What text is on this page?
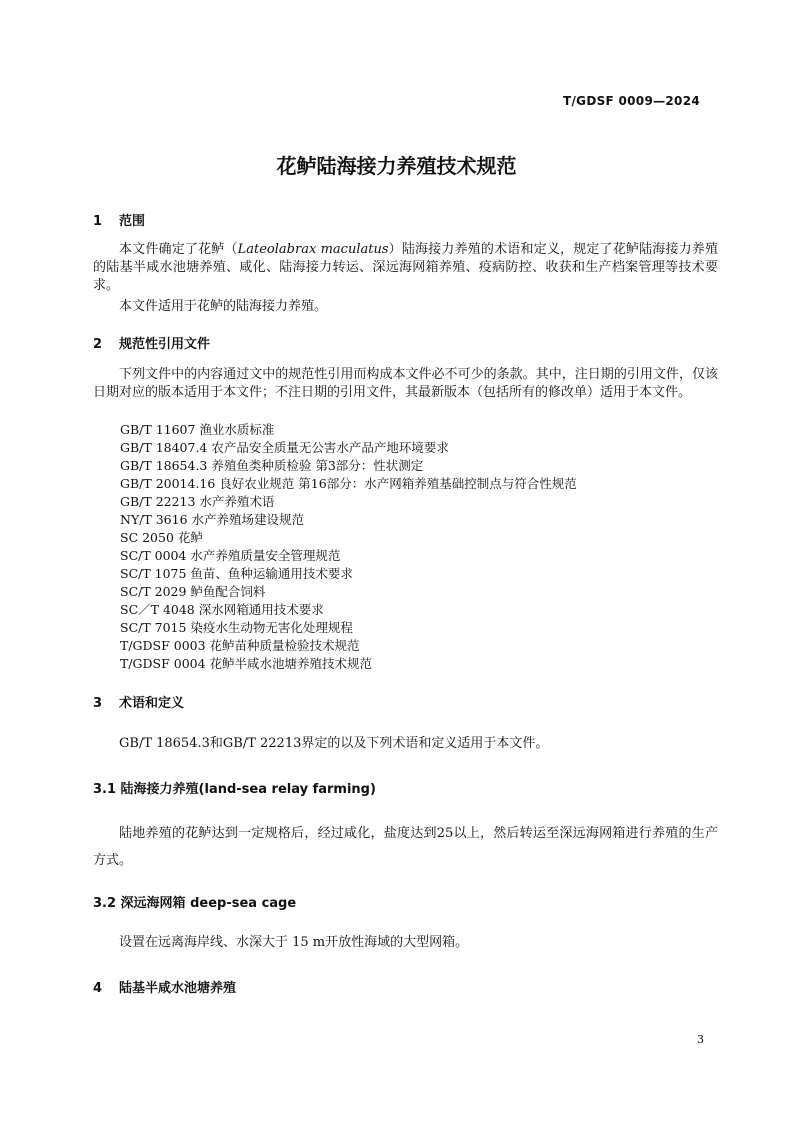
T/GDSF 0009—2024
花鲈陆海接力养殖技术规范
1 范围
本文件确定了花鲈（Lateolabrax maculatus）陆海接力养殖的术语和定义，规定了花鲈陆海接力养殖的陆基半咸水池塘养殖、咸化、陆海接力转运、深远海网箱养殖、疫病防控、收获和生产档案管理等技术要求。
本文件适用于花鲈的陆海接力养殖。
2 规范性引用文件
下列文件中的内容通过文中的规范性引用而构成本文件必不可少的条款。其中，注日期的引用文件，仅该日期对应的版本适用于本文件；不注日期的引用文件，其最新版本（包括所有的修改单）适用于本文件。
GB/T 11607 渔业水质标准
GB/T 18407.4 农产品安全质量无公害水产品产地环境要求
GB/T 18654.3 养殖鱼类种质检验 第3部分：性状测定
GB/T 20014.16 良好农业规范 第16部分：水产网箱养殖基础控制点与符合性规范
GB/T 22213 水产养殖术语
NY/T 3616 水产养殖场建设规范
SC 2050 花鲈
SC/T 0004 水产养殖质量安全管理规范
SC/T 1075 鱼苗、鱼种运输通用技术要求
SC/T 2029 鲈鱼配合饲料
SC／T 4048 深水网箱通用技术要求
SC/T 7015 染疫水生动物无害化处理规程
T/GDSF 0003 花鲈苗种质量检验技术规范
T/GDSF 0004 花鲈半咸水池塘养殖技术规范
3 术语和定义
GB/T 18654.3和GB/T 22213界定的以及下列术语和定义适用于本文件。
3.1 陆海接力养殖(land-sea relay farming)
陆地养殖的花鲈达到一定规格后，经过咸化，盐度达到25以上，然后转运至深远海网箱进行养殖的生产方式。
3.2 深远海网箱 deep-sea cage
设置在远离海岸线、水深大于 15 m开放性海域的大型网箱。
4 陆基半咸水池塘养殖
3
